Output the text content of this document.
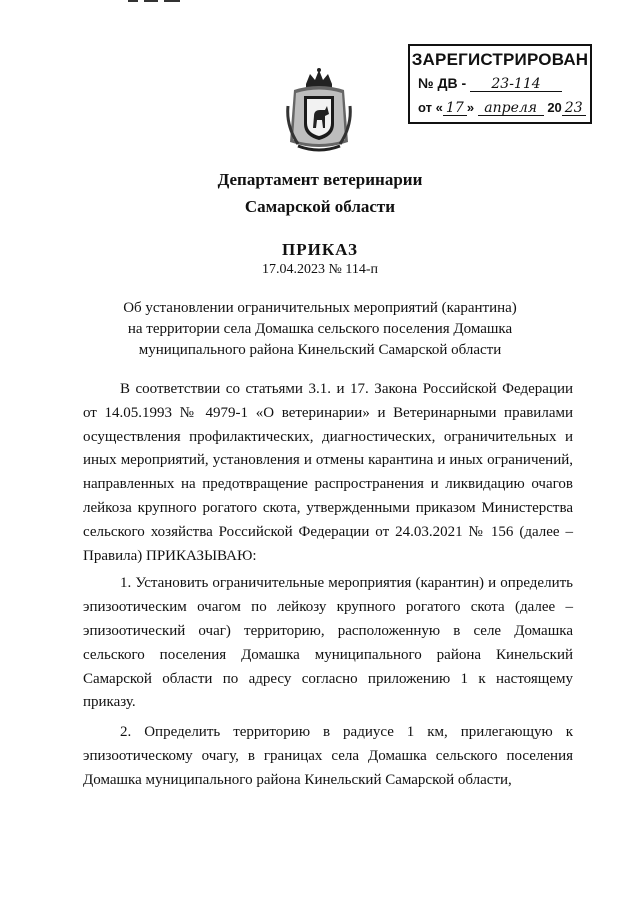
ЗАРЕГИСТРИРОВАН
№ ДВ - 23-114
от « 17 » апреля 20 23
Департамент ветеринарии
Самарской области
ПРИКАЗ
17.04.2023 № 114-п
Об установлении ограничительных мероприятий (карантина)
на территории села Домашка сельского поселения Домашка
муниципального района Кинельский Самарской области

В соответствии со статьями 3.1. и 17. Закона Российской Федерации от 14.05.1993 № 4979-1 «О ветеринарии» и Ветеринарными правилами осуществления профилактических, диагностических, ограничительных и иных мероприятий, установления и отмены карантина и иных ограничений, направленных на предотвращение распространения и ликвидацию очагов лейкоза крупного рогатого скота, утвержденными приказом Министерства сельского хозяйства Российской Федерации от 24.03.2021 № 156 (далее – Правила) ПРИКАЗЫВАЮ:

1. Установить ограничительные мероприятия (карантин) и определить эпизоотическим очагом по лейкозу крупного рогатого скота (далее – эпизоотический очаг) территорию, расположенную в селе Домашка сельского поселения Домашка муниципального района Кинельский Самарской области по адресу согласно приложению 1 к настоящему приказу.

2. Определить территорию в радиусе 1 км, прилегающую к эпизоотическому очагу, в границах села Домашка сельского поселения Домашка муниципального района Кинельский Самарской области,
